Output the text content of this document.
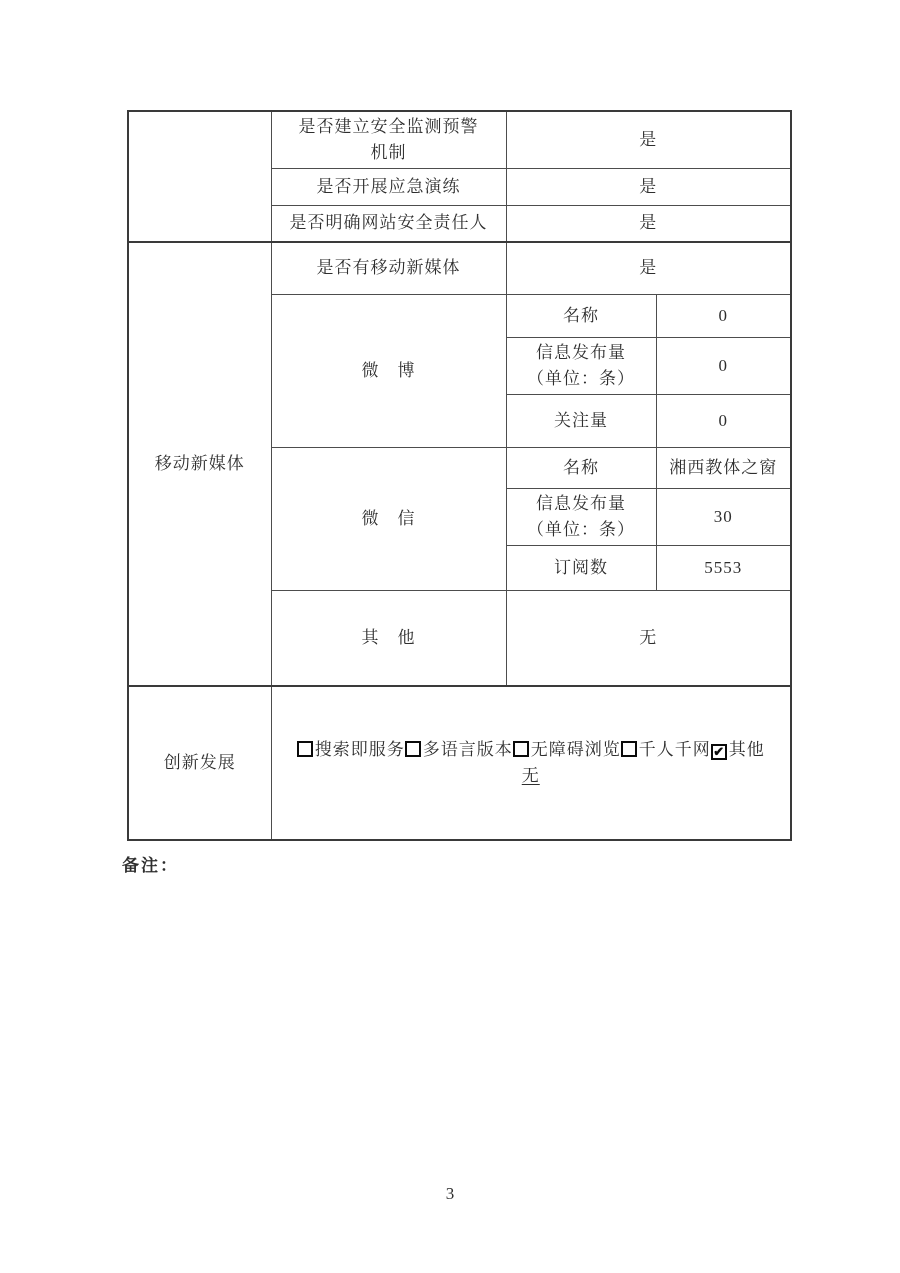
	是否建立安全监测预警
机制	是	
	是否开展应急演练	是	
	是否明确网站安全责任人	是	
移动新媒体	是否有移动新媒体	是	
	微　博	名称	0
		信息发布量
（单位：条）	0
		关注量	0
	微　信	名称	湘西教体之窗
		信息发布量
（单位：条）	30
		订阅数	5553
	其　他	无	
创新发展	搜索即服务 多语言版本 无障碍浏览 千人千网 ✔ 其他
无		
备注：
3
